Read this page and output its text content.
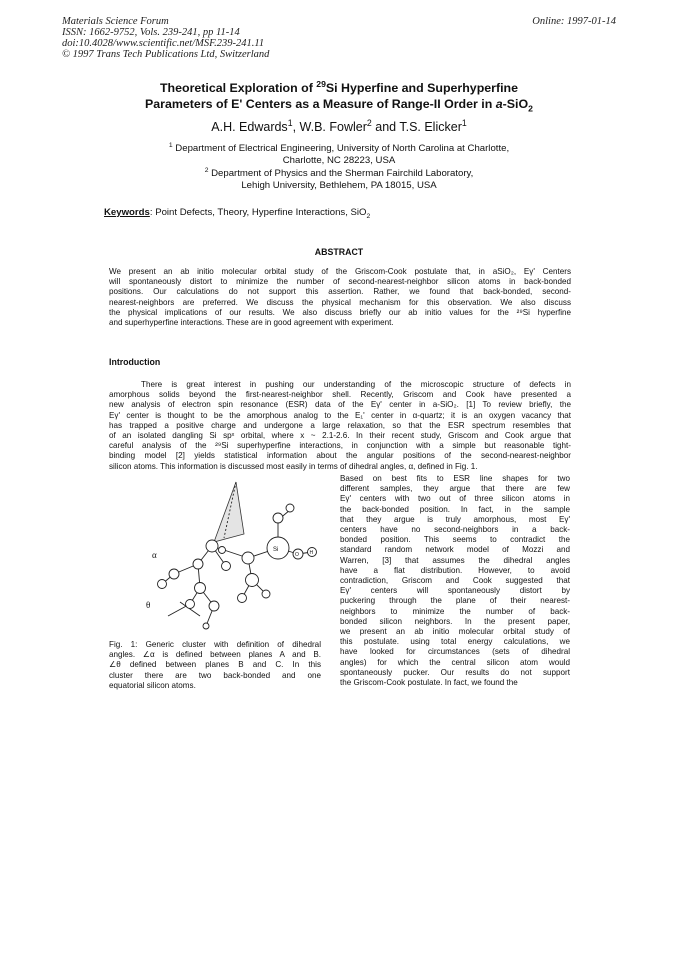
Materials Science Forum
ISSN: 1662-9752, Vols. 239-241, pp 11-14
doi:10.4028/www.scientific.net/MSF.239-241.11
© 1997 Trans Tech Publications Ltd, Switzerland
Online: 1997-01-14
Theoretical Exploration of $^{29}$Si Hyperfine and Superhyperfine
Parameters of E' Centers as a Measure of Range-II Order in a-SiO$_2$
A.H. Edwards$^1$, W.B. Fowler$^2$ and T.S. Elicker$^1$
$^1$ Department of Electrical Engineering, University of North Carolina at Charlotte,
Charlotte, NC 28223, USA
$^2$ Department of Physics and the Sherman Fairchild Laboratory,
Lehigh University, Bethlehem, PA 18015, USA
Keywords: Point Defects, Theory, Hyperfine Interactions, SiO$_2$
ABSTRACT
We present an ab initio molecular orbital study of the Griscom-Cook postulate that, in aSiO₂, Eγ' Centers
will spontaneously distort to minimize the number of second-nearest-neighbor silicon atoms in back-bonded
positions. Our calculations do not support this assertion. Rather, we found that back-bonded, second-
nearest-neighbors are preferred. We discuss the physical mechanism for this observation. We also discuss
the physical implications of our results. We also discuss briefly our ab initio values for the ²⁹Si hyperfine
and superhyperfine interactions. These are in good agreement with experiment.
Introduction
There is great interest in pushing our understanding of the microscopic structure of defects in
amorphous solids beyond the first-nearest-neighbor shell. Recently, Griscom and Cook have presented a
new analysis of electron spin resonance (ESR) data of the Eγ' center in a-SiO₂. [1] To review briefly, the
Eγ' center is thought to be the amorphous analog to the E₁' center in α-quartz; it is an oxygen vacancy that
has trapped a positive charge and undergone a large relaxation, so that the ESR spectrum resembles that
of an isolated dangling Si spˣ orbital, where x ~ 2.1-2.6. In their recent study, Griscom and Cook argue that
careful analysis of the ²⁹Si superhyperfine interactions, in conjunction with a simple but reasonable tight-
binding model [2] yields statistical information about the angular positions of the second-nearest-neighbor
silicon atoms. This information is discussed most easily in terms of dihedral angles, α, defined in Fig. 1.
Based on best fits to ESR line shapes for two
different samples, they argue that there are few
Eγ' centers with two out of three silicon atoms in
the back-bonded position. In fact, in the sample
that they argue is truly amorphous, most Eγ'
centers have no second-neighbors in a back-
bonded position. This seems to contradict the
standard random network model of Mozzi and
Warren, [3] that assumes the dihedral angles
have a flat distribution. However, to avoid
contradiction, Griscom and Cook suggested that
Eγ' centers will spontaneously distort by
puckering through the plane of their nearest-
neighbors to minimize the number of back-
bonded silicon neighbors. In the present paper,
we present an ab initio molecular orbital study of
this postulate. using total energy calculations, we
have looked for circumstances (sets of dihedral
angles) for which the central silicon atom would
spontaneously pucker. Our results do not support
the Griscom-Cook postulate. In fact, we found the
Si
O H
α
θ
Fig. 1: Generic cluster with definition of dihedral
angles. ∠α is defined between planes A and B.
∠θ defined between planes B and C. In this
cluster there are two back-bonded and one
equatorial silicon atoms.
